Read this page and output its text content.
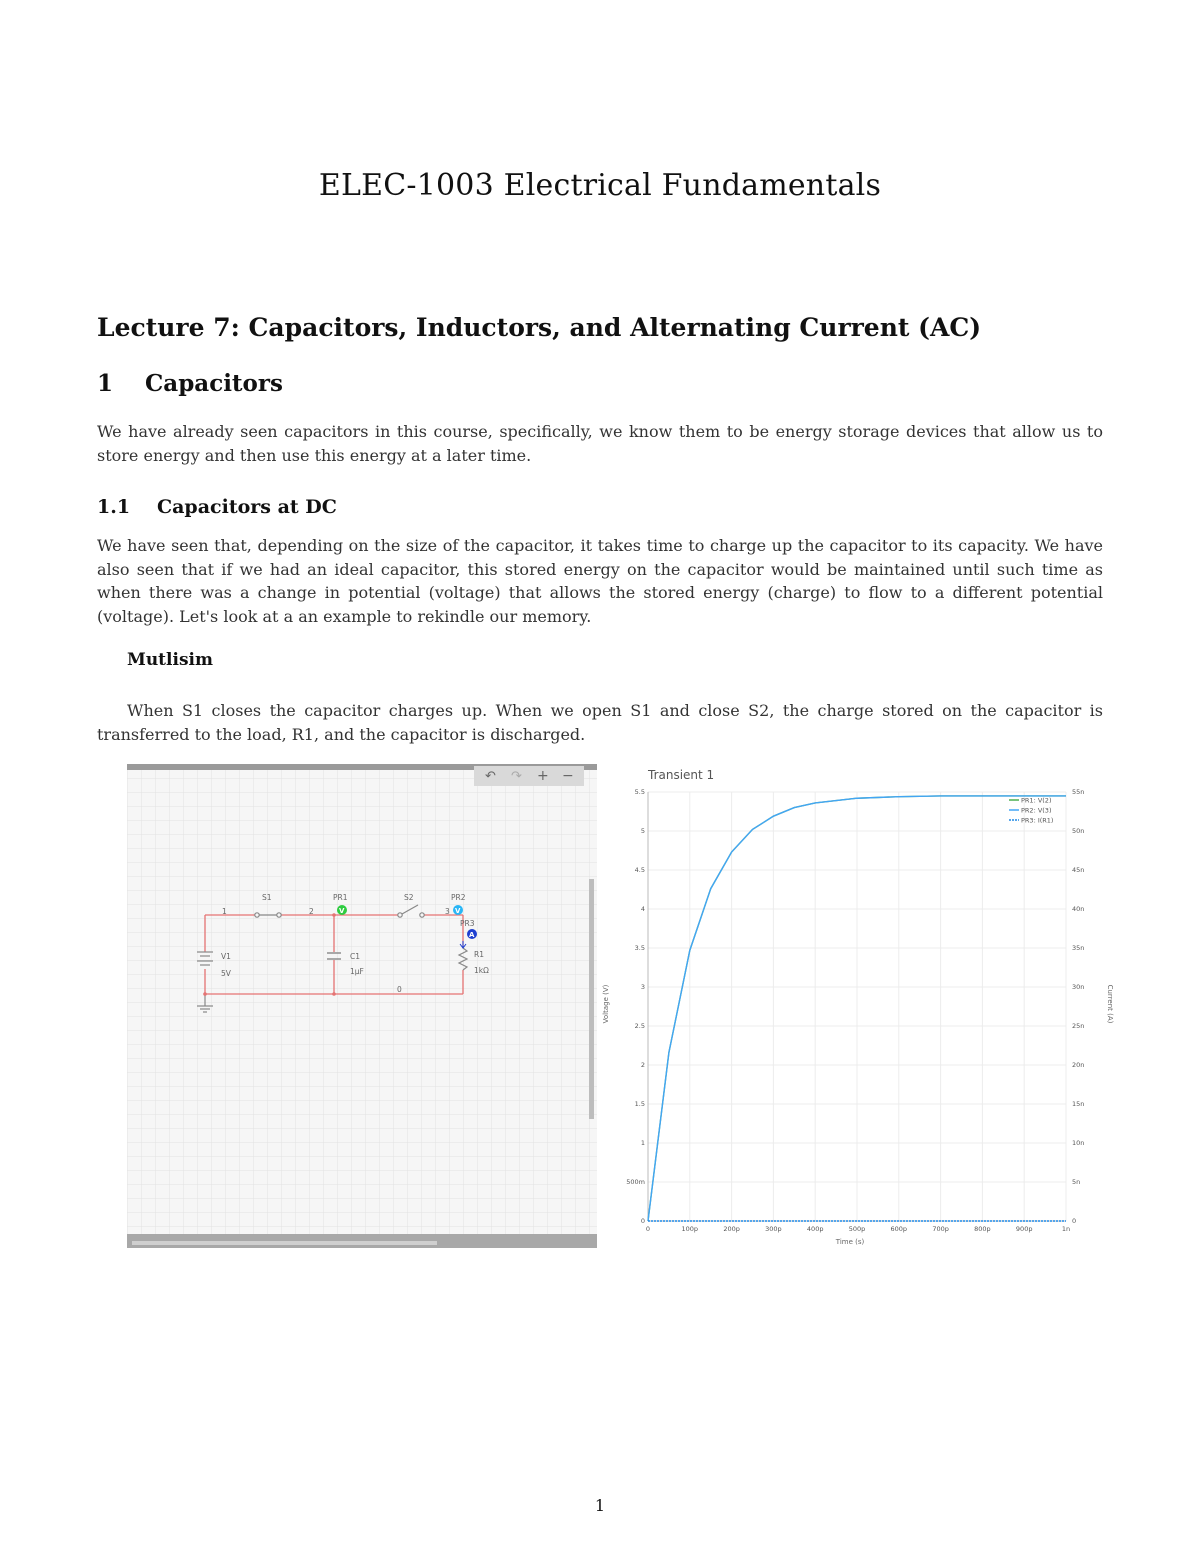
ELEC-1003 Electrical Fundamentals
Lecture 7: Capacitors, Inductors, and Alternating Current (AC)
1 Capacitors
We have already seen capacitors in this course, specifically, we know them to be energy storage devices that allow us to store energy and then use this energy at a later time.
1.1 Capacitors at DC
We have seen that, depending on the size of the capacitor, it takes time to charge up the capacitor to its capacity. We have also seen that if we had an ideal capacitor, this stored energy on the capacitor would be maintained until such time as when there was a change in potential (voltage) that allows the stored energy (charge) to flow to a different potential (voltage). Let's look at a an example to rekindle our memory.
Mutlisim
When S1 closes the capacitor charges up. When we open S1 and close S2, the charge stored on the capacitor is transferred to the load, R1, and the capacitor is discharged.
↶ ↷ + −
V	V
A
S1	PR1	S2	PR2
PR3
V1
5V
C1
1µF
R1
1kΩ
1	2	3
0
Transient 1
0	100p	200p	300p	400p	500p	600p	700p	800p	900p	1n
0
500m
1
1.5
2
2.5
3
3.5
4
4.5
5
5.5
0
5n
10n
15n
20n
25n
30n
35n
40n
45n
50n
55n
PR1: V(2)
PR2: V(3)
PR3: I(R1)
Time (s)
Voltage (V)	Current (A)
1
